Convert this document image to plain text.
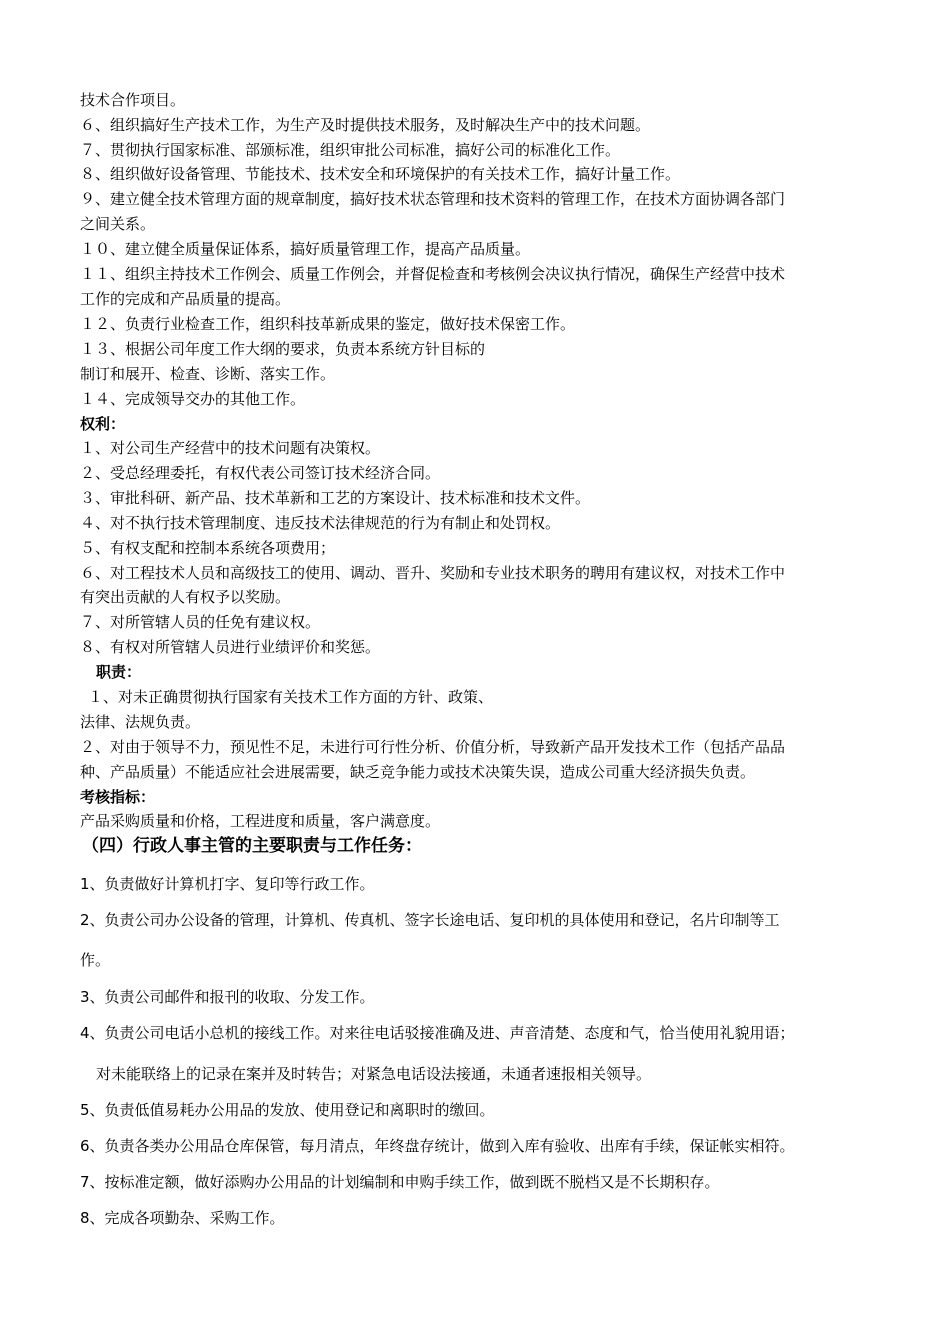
技术合作项目。
６、组织搞好生产技术工作，为生产及时提供技术服务，及时解决生产中的技术问题。
７、贯彻执行国家标准、部颁标准，组织审批公司标准，搞好公司的标准化工作。
８、组织做好设备管理、节能技术、技术安全和环境保护的有关技术工作，搞好计量工作。
９、建立健全技术管理方面的规章制度，搞好技术状态管理和技术资料的管理工作，在技术方面协调各部门
之间关系。
１０、建立健全质量保证体系，搞好质量管理工作，提高产品质量。
１１、组织主持技术工作例会、质量工作例会，并督促检查和考核例会决议执行情况，确保生产经营中技术
工作的完成和产品质量的提高。
１２、负责行业检查工作，组织科技革新成果的鉴定，做好技术保密工作。
１３、根据公司年度工作大纲的要求，负责本系统方针目标的
制订和展开、检查、诊断、落实工作。
１４、完成领导交办的其他工作。
权利：
１、对公司生产经营中的技术问题有决策权。
２、受总经理委托，有权代表公司签订技术经济合同。
３、审批科研、新产品、技术革新和工艺的方案设计、技术标准和技术文件。
４、对不执行技术管理制度、违反技术法律规范的行为有制止和处罚权。
５、有权支配和控制本系统各项费用；
６、对工程技术人员和高级技工的使用、调动、晋升、奖励和专业技术职务的聘用有建议权，对技术工作中
有突出贡献的人有权予以奖励。
７、对所管辖人员的任免有建议权。
８、有权对所管辖人员进行业绩评价和奖惩。
职责：
１、对未正确贯彻执行国家有关技术工作方面的方针、政策、
法律、法规负责。
２、对由于领导不力，预见性不足，未进行可行性分析、价值分析，导致新产品开发技术工作（包括产品品
种、产品质量）不能适应社会进展需要，缺乏竞争能力或技术决策失误，造成公司重大经济损失负责。
考核指标：
产品采购质量和价格，工程进度和质量，客户满意度。
（四）行政人事主管的主要职责与工作任务：
1、负责做好计算机打字、复印等行政工作。
2、负责公司办公设备的管理，计算机、传真机、签字长途电话、复印机的具体使用和登记，名片印制等工
作。
3、负责公司邮件和报刊的收取、分发工作。
4、负责公司电话小总机的接线工作。对来往电话驳接准确及进、声音清楚、态度和气，恰当使用礼貌用语；
对未能联络上的记录在案并及时转告；对紧急电话设法接通，未通者速报相关领导。
5、负责低值易耗办公用品的发放、使用登记和离职时的缴回。
6、负责各类办公用品仓库保管，每月清点，年终盘存统计，做到入库有验收、出库有手续，保证帐实相符。
7、按标准定额，做好添购办公用品的计划编制和申购手续工作，做到既不脱档又是不长期积存。
8、完成各项勤杂、采购工作。
